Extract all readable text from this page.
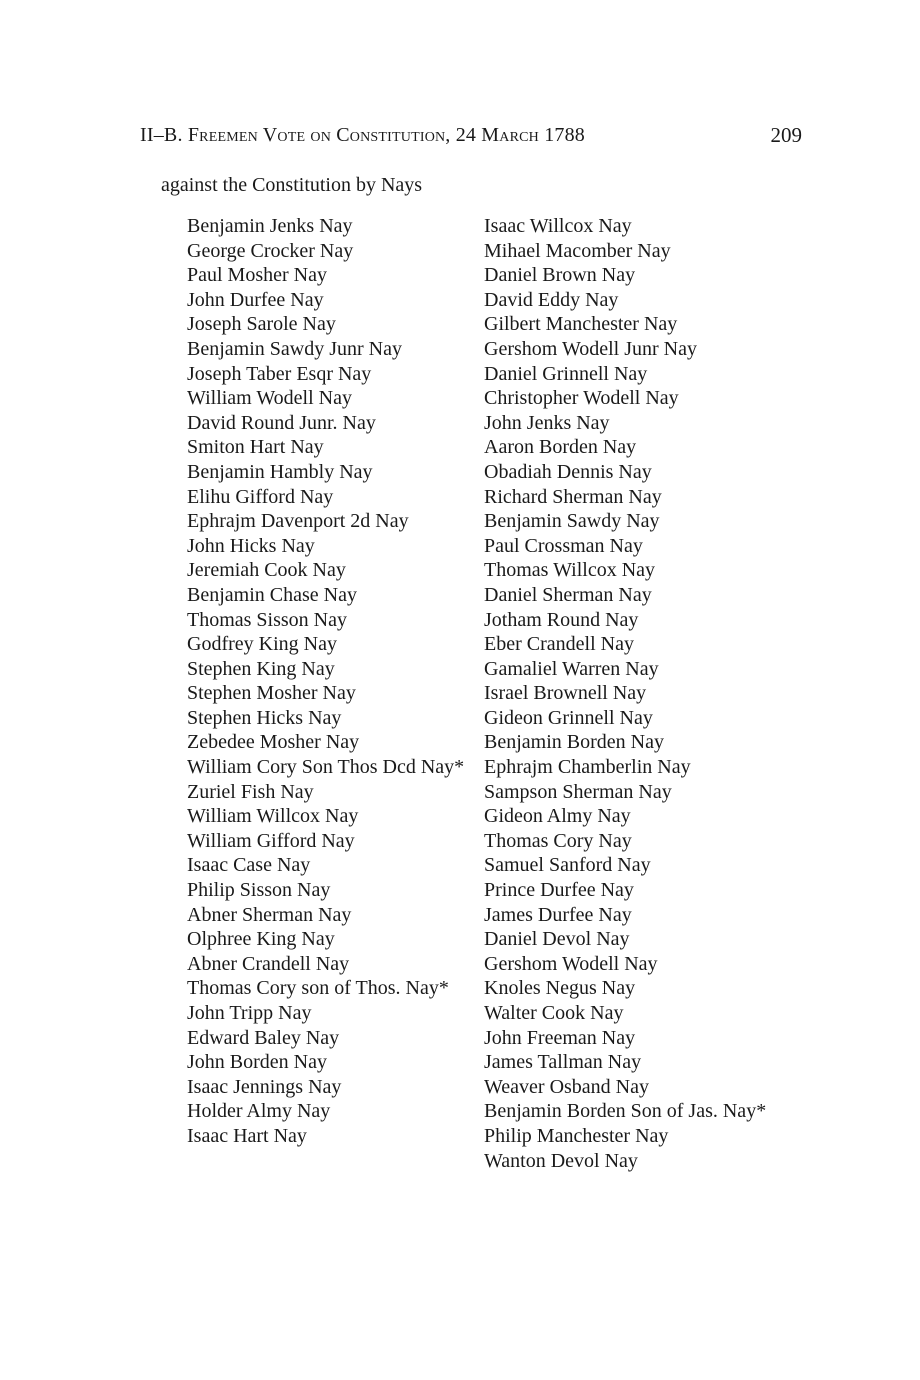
II–B. Freemen Vote on Constitution, 24 March 1788	209
against the Constitution by Nays
Benjamin Jenks Nay
George Crocker Nay
Paul Mosher Nay
John Durfee Nay
Joseph Sarole Nay
Benjamin Sawdy Junr Nay
Joseph Taber Esqr Nay
William Wodell Nay
David Round Junr. Nay
Smiton Hart Nay
Benjamin Hambly Nay
Elihu Gifford Nay
Ephrajm Davenport 2d Nay
John Hicks Nay
Jeremiah Cook Nay
Benjamin Chase Nay
Thomas Sisson Nay
Godfrey King Nay
Stephen King Nay
Stephen Mosher Nay
Stephen Hicks Nay
Zebedee Mosher Nay
William Cory Son Thos Dcd Nay*
Zuriel Fish Nay
William Willcox Nay
William Gifford Nay
Isaac Case Nay
Philip Sisson Nay
Abner Sherman Nay
Olphree King Nay
Abner Crandell Nay
Thomas Cory son of Thos. Nay*
John Tripp Nay
Edward Baley Nay
John Borden Nay
Isaac Jennings Nay
Holder Almy Nay
Isaac Hart Nay
Isaac Willcox Nay
Mihael Macomber Nay
Daniel Brown Nay
David Eddy Nay
Gilbert Manchester Nay
Gershom Wodell Junr Nay
Daniel Grinnell Nay
Christopher Wodell Nay
John Jenks Nay
Aaron Borden Nay
Obadiah Dennis Nay
Richard Sherman Nay
Benjamin Sawdy Nay
Paul Crossman Nay
Thomas Willcox Nay
Daniel Sherman Nay
Jotham Round Nay
Eber Crandell Nay
Gamaliel Warren Nay
Israel Brownell Nay
Gideon Grinnell Nay
Benjamin Borden Nay
Ephrajm Chamberlin Nay
Sampson Sherman Nay
Gideon Almy Nay
Thomas Cory Nay
Samuel Sanford Nay
Prince Durfee Nay
James Durfee Nay
Daniel Devol Nay
Gershom Wodell Nay
Knoles Negus Nay
Walter Cook Nay
John Freeman Nay
James Tallman Nay
Weaver Osband Nay
Benjamin Borden Son of Jas. Nay*
Philip Manchester Nay
Wanton Devol Nay
